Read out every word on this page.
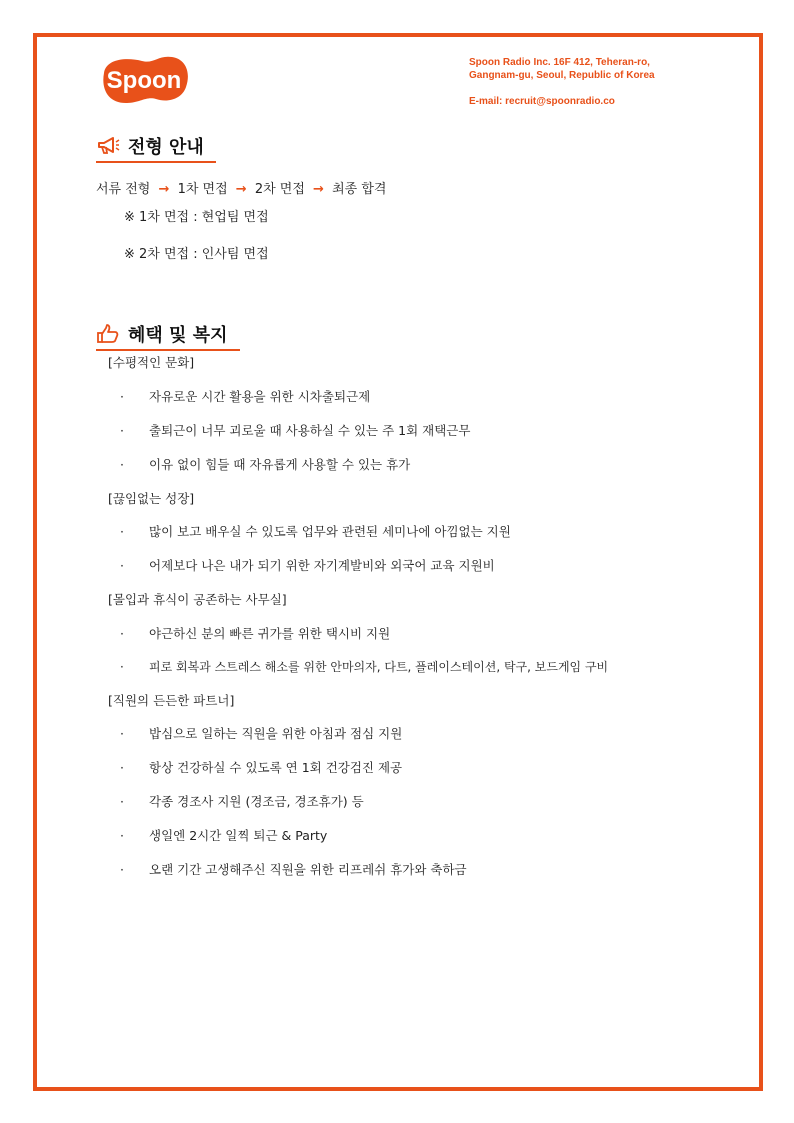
Spoon
Spoon Radio Inc. 16F 412, Teheran-ro,
Gangnam-gu, Seoul, Republic of Korea
E-mail: recruit@spoonradio.co
전형 안내
서류 전형 → 1차 면접 → 2차 면접 → 최종 합격
※ 1차 면접 : 현업팀 면접
※ 2차 면접 : 인사팀 면접
혜택 및 복지
[수평적인 문화]
· 자유로운 시간 활용을 위한 시차출퇴근제
· 출퇴근이 너무 괴로울 때 사용하실 수 있는 주 1회 재택근무
· 이유 없이 힘들 때 자유롭게 사용할 수 있는 휴가
[끊임없는 성장]
· 많이 보고 배우실 수 있도록 업무와 관련된 세미나에 아낌없는 지원
· 어제보다 나은 내가 되기 위한 자기계발비와 외국어 교육 지원비
[몰입과 휴식이 공존하는 사무실]
· 야근하신 분의 빠른 귀가를 위한 택시비 지원
· 피로 회복과 스트레스 해소를 위한 안마의자, 다트, 플레이스테이션, 탁구, 보드게임 구비
[직원의 든든한 파트너]
· 밥심으로 일하는 직원을 위한 아침과 점심 지원
· 항상 건강하실 수 있도록 연 1회 건강검진 제공
· 각종 경조사 지원 (경조금, 경조휴가) 등
· 생일엔 2시간 일찍 퇴근 & Party
· 오랜 기간 고생해주신 직원을 위한 리프레쉬 휴가와 축하금
